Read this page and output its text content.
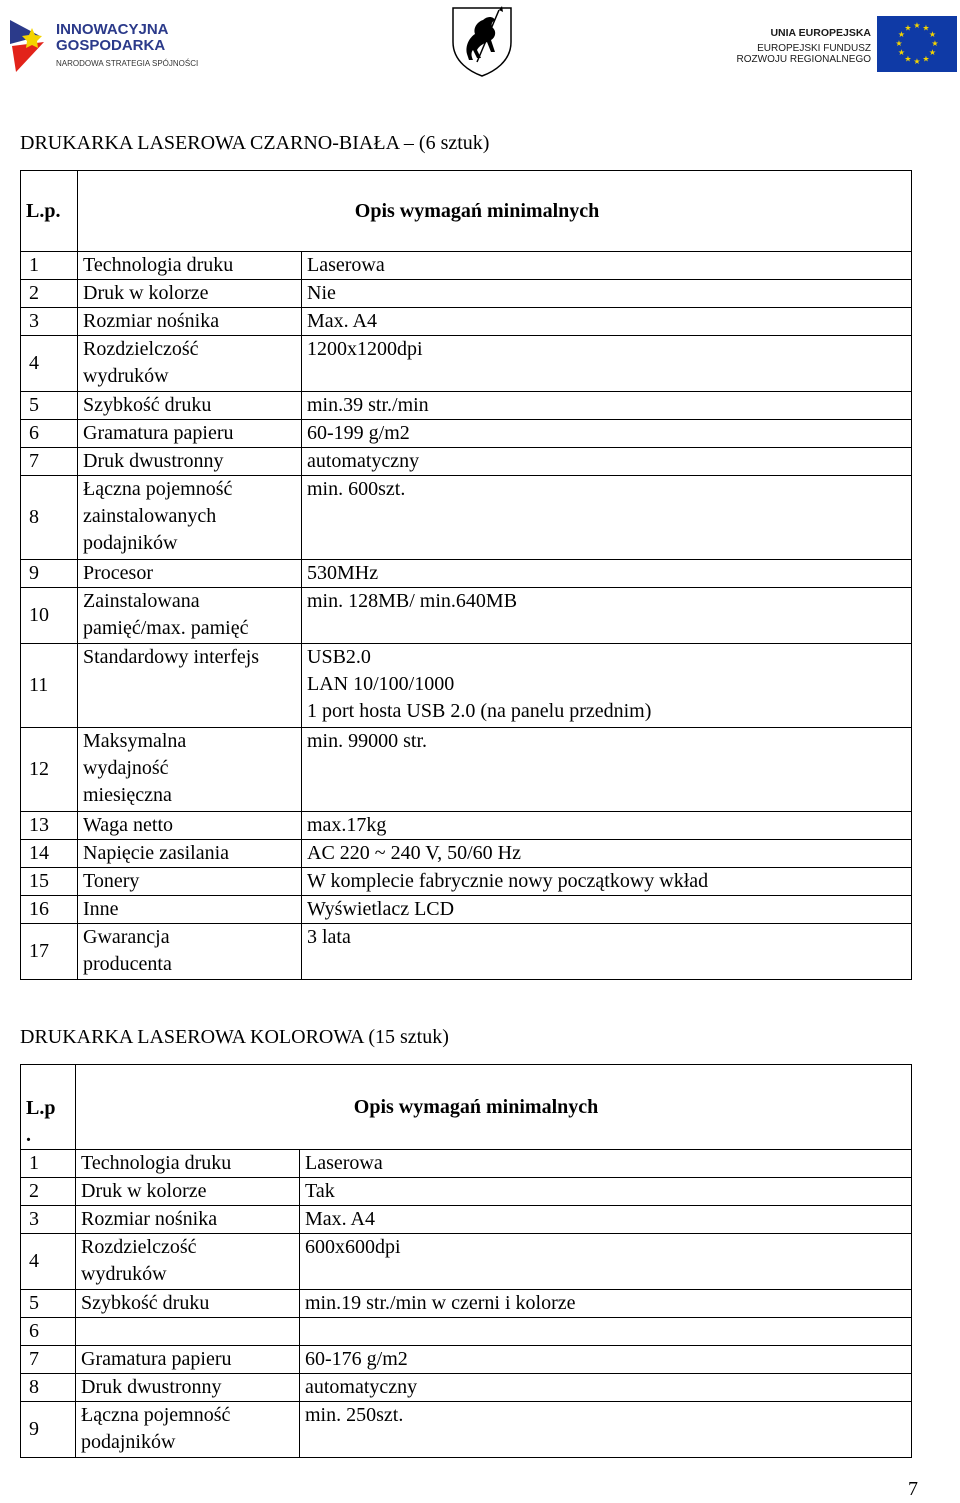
INNOWACYJNA
GOSPODARKA
NARODOWA STRATEGIA SPÓJNOŚCI
UNIA EUROPEJSKA
EUROPEJSKI FUNDUSZ
ROZWOJU REGIONALNEGO
★ ★
★
★
★
★
★
★
★
★
★
★
DRUKARKA LASEROWA CZARNO-BIAŁA – (6 sztuk)
L.p.	Opis wymagań minimalnych	
1	Technologia druku	Laserowa
2	Druk w kolorze	Nie
3	Rozmiar nośnika	Max. A4
4	Rozdzielczość
wydruków	1200x1200dpi
5	Szybkość druku	min.39 str./min
6	Gramatura papieru	60-199 g/m2
7	Druk dwustronny	automatyczny
8	Łączna pojemność
zainstalowanych
podajników	min. 600szt.
9	Procesor	530MHz
10	Zainstalowana
pamięć/max. pamięć	min. 128MB/ min.640MB
11	Standardowy interfejs	USB2.0
LAN 10/100/1000
1 port hosta USB 2.0 (na panelu przednim)
12	Maksymalna
wydajność
miesięczna	min. 99000 str.
13	Waga netto	max.17kg
14	Napięcie zasilania	AC 220 ~ 240 V, 50/60 Hz
15	Tonery	W komplecie fabrycznie nowy początkowy wkład
16	Inne	Wyświetlacz LCD
17	Gwarancja
producenta	3 lata
DRUKARKA LASEROWA KOLOROWA (15 sztuk)
L.p
.	Opis wymagań minimalnych	
1	Technologia druku	Laserowa
2	Druk w kolorze	Tak
3	Rozmiar nośnika	Max. A4
4	Rozdzielczość
wydruków	600x600dpi
5	Szybkość druku	min.19 str./min w czerni i kolorze
6		
7	Gramatura papieru	60-176 g/m2
8	Druk dwustronny	automatyczny
9	Łączna pojemność
podajników	min. 250szt.
7
